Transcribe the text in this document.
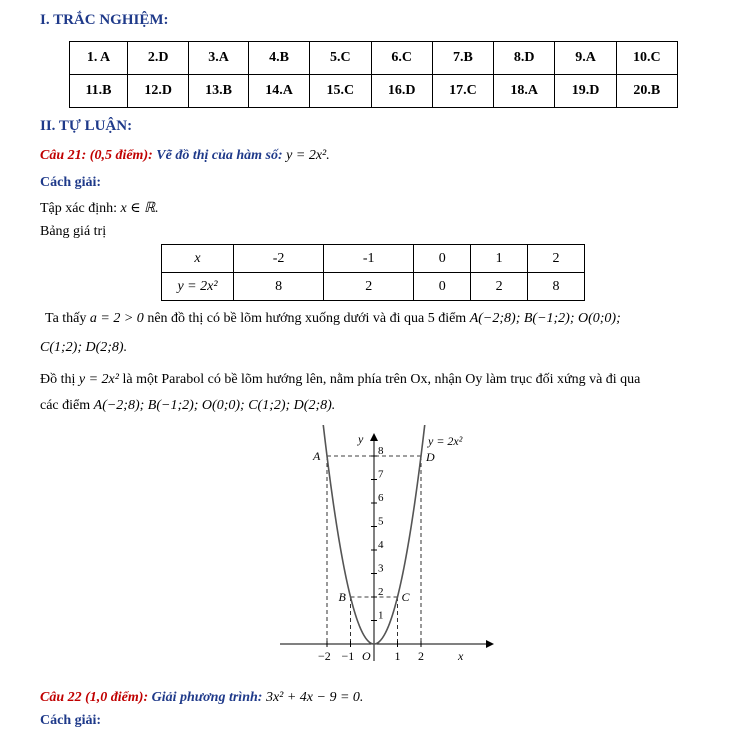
I. TRẮC NGHIỆM:
1. A	2.D	3.A	4.B	5.C	6.C	7.B	8.D	9.A	10.C
11.B	12.D	13.B	14.A	15.C	16.D	17.C	18.A	19.D	20.B
II. TỰ LUẬN:
Câu 21: (0,5 điểm): Vẽ đồ thị của hàm số: y = 2x².
Cách giải:
Tập xác định: x ∈ ℝ.
Bảng giá trị
x	-2	-1	0	1	2
y = 2x²	8	2	0	2	8
Ta thấy a = 2 > 0 nên đồ thị có bề lõm hướng xuống dưới và đi qua 5 điểm A(−2;8); B(−1;2); O(0;0);
C(1;2); D(2;8).
Đồ thị y = 2x² là một Parabol có bề lõm hướng lên, nằm phía trên Ox, nhận Oy làm trục đối xứng và đi qua
các điểm A(−2;8); B(−1;2); O(0;0); C(1;2); D(2;8).
−2 −1	1 2
1
2
3
4
5
6
7
8
y
x
y = 2x²
O
A
B	C
D
Câu 22 (1,0 điểm): Giải phương trình: 3x² + 4x − 9 = 0.
Cách giải:
